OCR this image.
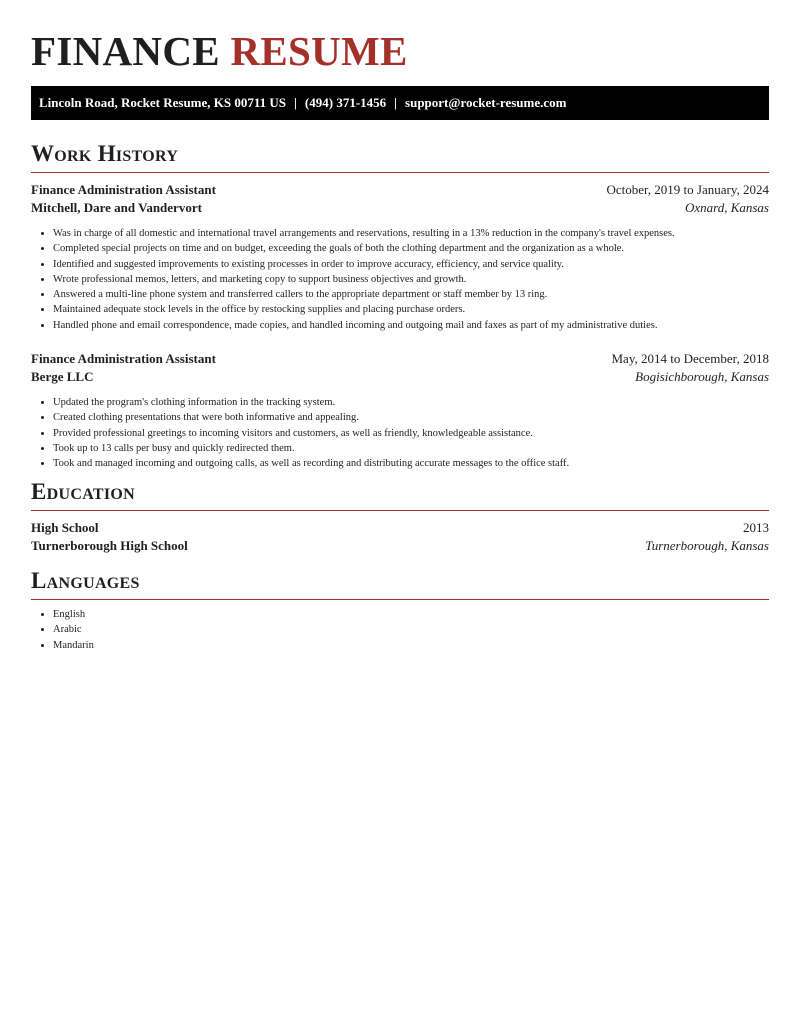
FINANCE RESUME
Lincoln Road, Rocket Resume, KS 00711 US | (494) 371-1456 | support@rocket-resume.com
Work History
Finance Administration Assistant	October, 2019 to January, 2024
Mitchell, Dare and Vandervort	Oxnard, Kansas
• Was in charge of all domestic and international travel arrangements and reservations, resulting in a 13% reduction in the company's travel expenses.
• Completed special projects on time and on budget, exceeding the goals of both the clothing department and the organization as a whole.
• Identified and suggested improvements to existing processes in order to improve accuracy, efficiency, and service quality.
• Wrote professional memos, letters, and marketing copy to support business objectives and growth.
• Answered a multi-line phone system and transferred callers to the appropriate department or staff member by 13 ring.
• Maintained adequate stock levels in the office by restocking supplies and placing purchase orders.
• Handled phone and email correspondence, made copies, and handled incoming and outgoing mail and faxes as part of my administrative duties.
Finance Administration Assistant	May, 2014 to December, 2018
Berge LLC	Bogisichborough, Kansas
• Updated the program's clothing information in the tracking system.
• Created clothing presentations that were both informative and appealing.
• Provided professional greetings to incoming visitors and customers, as well as friendly, knowledgeable assistance.
• Took up to 13 calls per busy and quickly redirected them.
• Took and managed incoming and outgoing calls, as well as recording and distributing accurate messages to the office staff.
Education
High School	2013
Turnerborough High School	Turnerborough, Kansas
Languages
• English
• Arabic
• Mandarin
